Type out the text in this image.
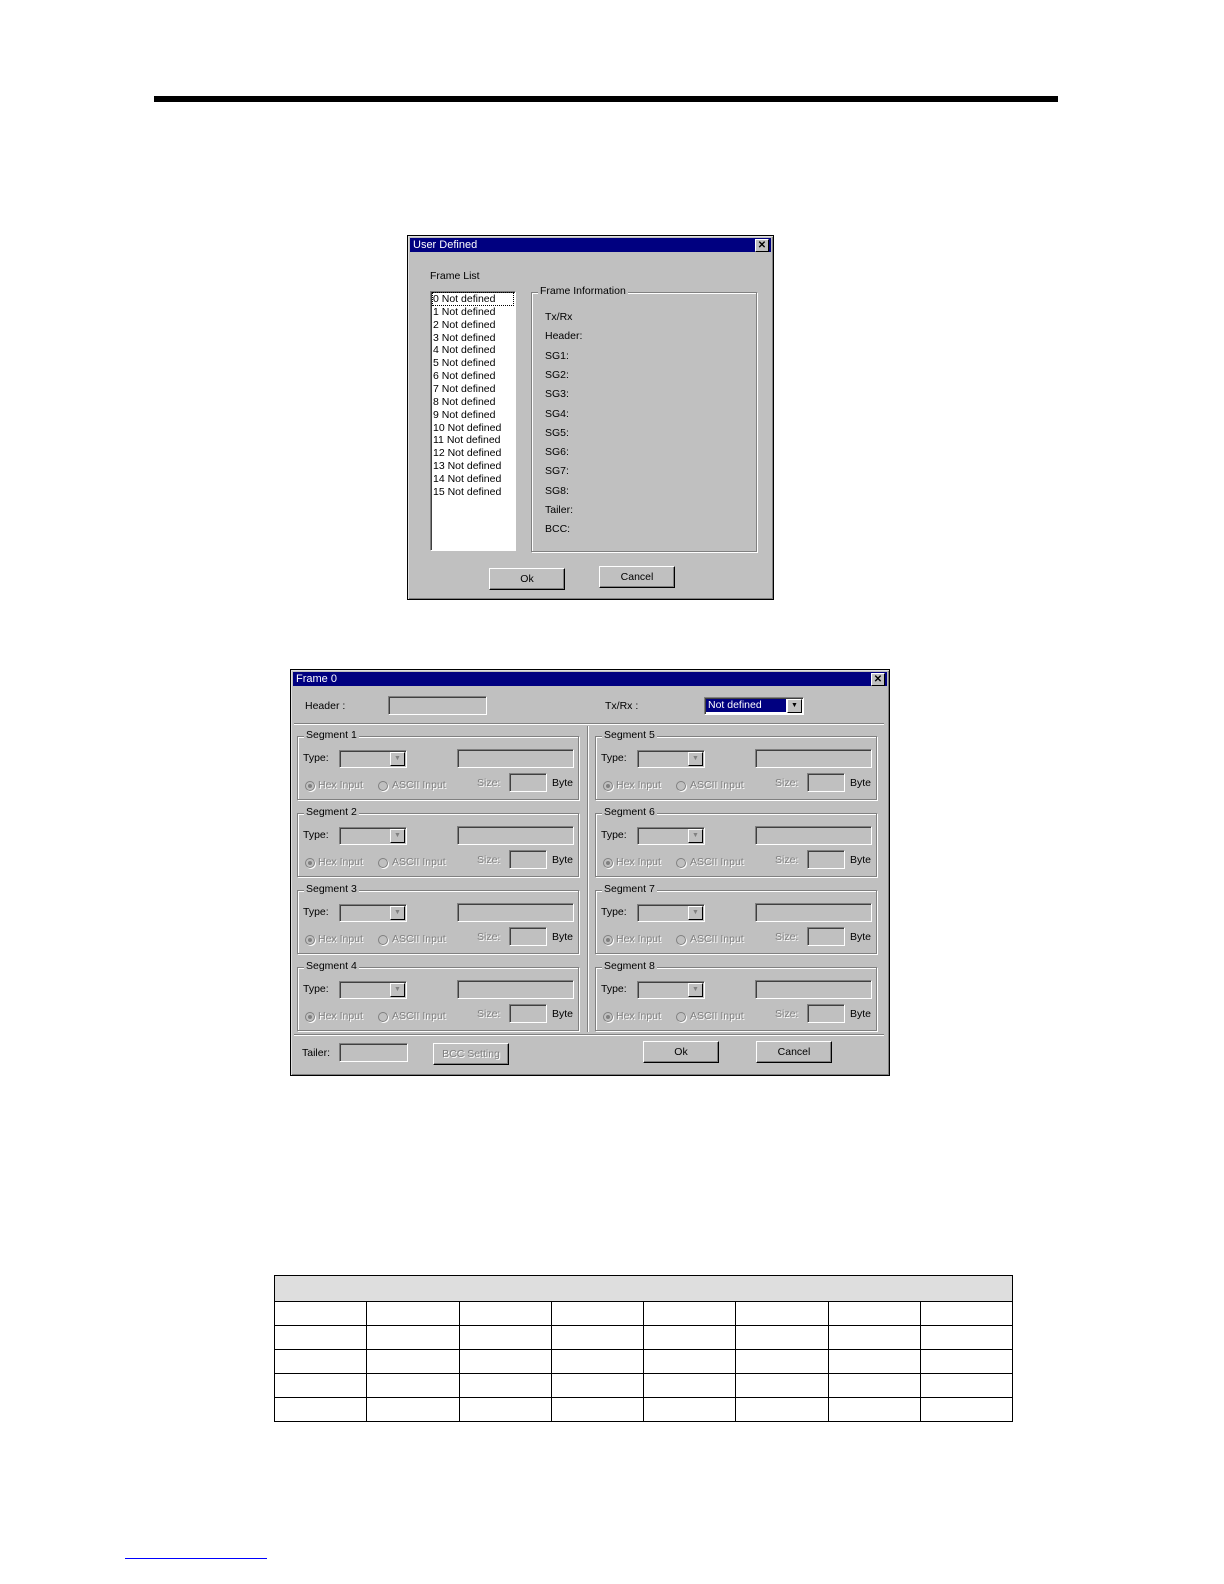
User Defined	✕
Frame List
0 Not defined
1 Not defined
2 Not defined
3 Not defined
4 Not defined
5 Not defined
6 Not defined
7 Not defined
8 Not defined
9 Not defined
10 Not defined
11 Not defined
12 Not defined
13 Not defined
14 Not defined
15 Not defined
Frame Information
Tx/Rx
Header:
SG1:
SG2:
SG3:
SG4:
SG5:
SG6:
SG7:
SG8:
Tailer:
BCC:
Ok	Cancel
Frame 0	✕
Header :	Tx/Rx :	Not defined	▼
Segment 1
Type:	▼
Hex Input	ASCII Input	Size:	Byte
Segment 2
Type:	▼
Hex Input	ASCII Input	Size:	Byte
Segment 3
Type:	▼
Hex Input	ASCII Input	Size:	Byte
Segment 4
Type:	▼
Hex Input	ASCII Input	Size:	Byte
Segment 5
Type:	▼
Hex Input	ASCII Input	Size:	Byte
Segment 6
Type:	▼
Hex Input	ASCII Input	Size:	Byte
Segment 7
Type:	▼
Hex Input	ASCII Input	Size:	Byte
Segment 8
Type:	▼
Hex Input	ASCII Input	Size:	Byte
Tailer:	BCC Setting	Ok	Cancel
